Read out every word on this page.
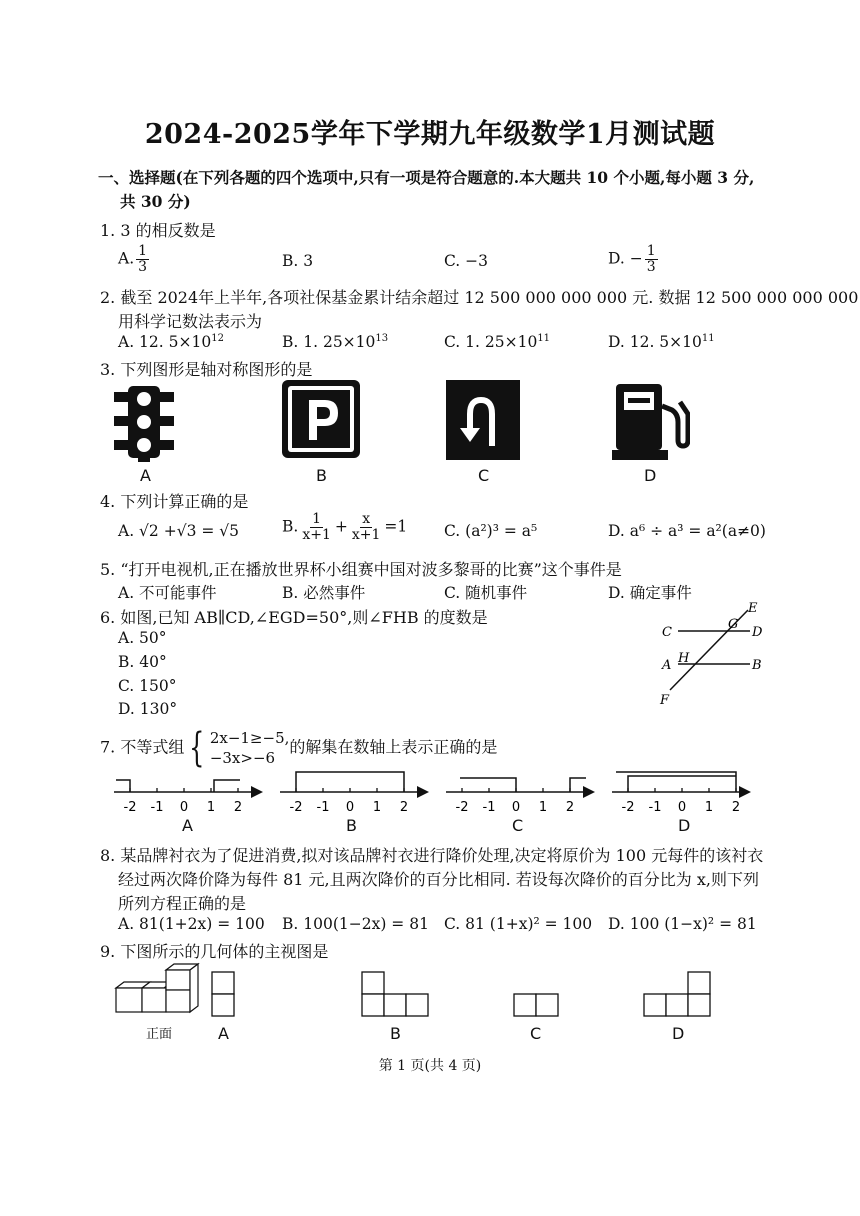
2024-2025学年下学期九年级数学1月测试题
一、选择题(在下列各题的四个选项中,只有一项是符合题意的.本大题共 10 个小题,每小题 3 分,
共 30 分)
1. 3 的相反数是
A. $\frac{1}{3}$	B. 3	C. −3	D. − $\frac{1}{3}$
2. 截至 2024年上半年,各项社保基金累计结余超过 12 500 000 000 000 元. 数据 12 500 000 000 000
用科学记数法表示为
A. 12. $5\times 10^{12}$	B. 1. $25\times 10^{13}$	C. 1. $25\times 10^{11}$	D. 12. $5\times 10^{11}$
3. 下列图形是轴对称图形的是
A	B	C	D
4. 下列计算正确的是
A. √2 +√3 = √5	B. $\frac{1}{x+1} + \frac{x}{x+1} =1$ C. (a²)³ = a⁵	D. a⁶ ÷ a³ = a²(a≠0)
5. “打开电视机,正在播放世界杯小组赛中国对波多黎哥的比赛”这个事件是
A. 不可能事件	B. 必然事件	C. 随机事件	D. 确定事件
6. 如图,已知 AB∥CD,∠EGD=50°,则∠FHB 的度数是
A. 50°
B. 40°
C. 150°
D. 130°
C	D
G
E
A H	B
F
7. 不等式组 { 2x−1≥−5,
−3x>−6
的解集在数轴上表示正确的是
-2 -1 0 1 2	-2 -1 0 1 2	-2 -1 0 1 2	-2 -1 0 1 2
A	B	C	D
8. 某品牌衬衣为了促进消费,拟对该品牌衬衣进行降价处理,决定将原价为 100 元每件的该衬衣
经过两次降价降为每件 81 元,且两次降价的百分比相同. 若设每次降价的百分比为 x,则下列
所列方程正确的是
A. 81(1+2x) = 100 B. 100(1−2x) = 81 C. 81 (1+x)² = 100 D. 100 (1−x)² = 81
9. 下图所示的几何体的主视图是
正面	A	B	C	D
第 1 页(共 4 页)
